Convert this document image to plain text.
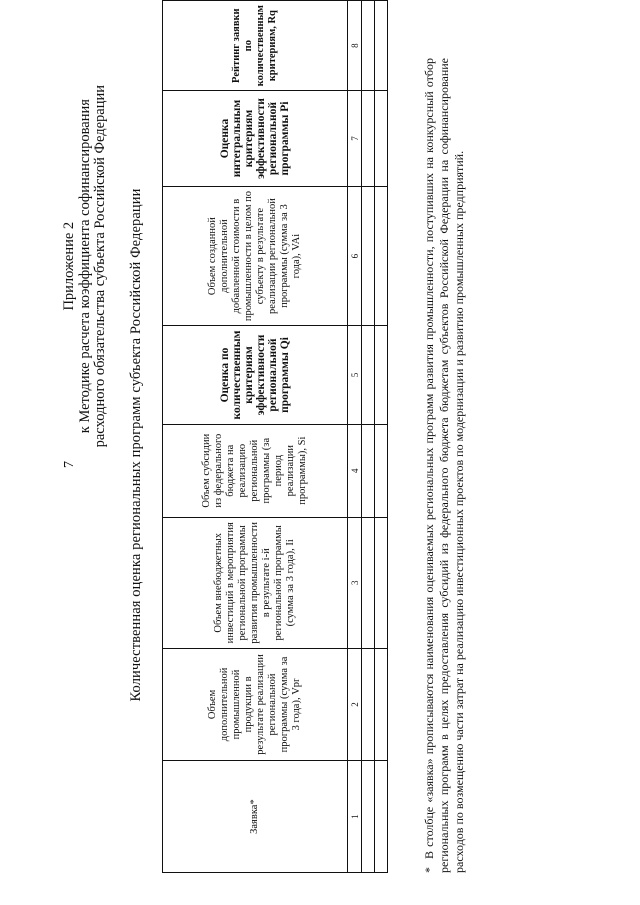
7
Приложение 2 к Методике расчета коэффициента софинансирования расходного обязательства субъекта Российской Федерации Количественная оценка региональных программ субъекта Российской Федерации
Заявка*	Объем дополнительной промышленной продукции в результате реализации региональной программы (сумма за 3 года), Vрr	Объем внебюджетных инвестиций в мероприятия региональной программы развития промышленности в результате i-й региональной программы (сумма за 3 года), Ii	Объем субсидии из федерального бюджета на реализацию региональной программы (за период реализации программы), Si	Оценка по количественным критериям эффективности региональной программы Qi	Объем созданной дополнительной добавленной стоимости в промышленности в целом по субъекту в результате реализации региональной программы (сумма за 3 года), VAi	Оценка интегральным критериям эффективности региональной программы Pi	Рейтинг заявки по количественным критериям, Rq
1	2	3	4	5	6	7	8

*В столбце «заявка» прописываются наименования оцениваемых региональных программ развития промышленности, поступивших на конкурсный отбор региональных программ в целях предоставления субсидий из федерального бюджета бюджетам субъектов Российской Федерации на софинансирование расходов по возмещению части затрат на реализацию инвестиционных проектов по модернизации и развитию промышленных предприятий.
